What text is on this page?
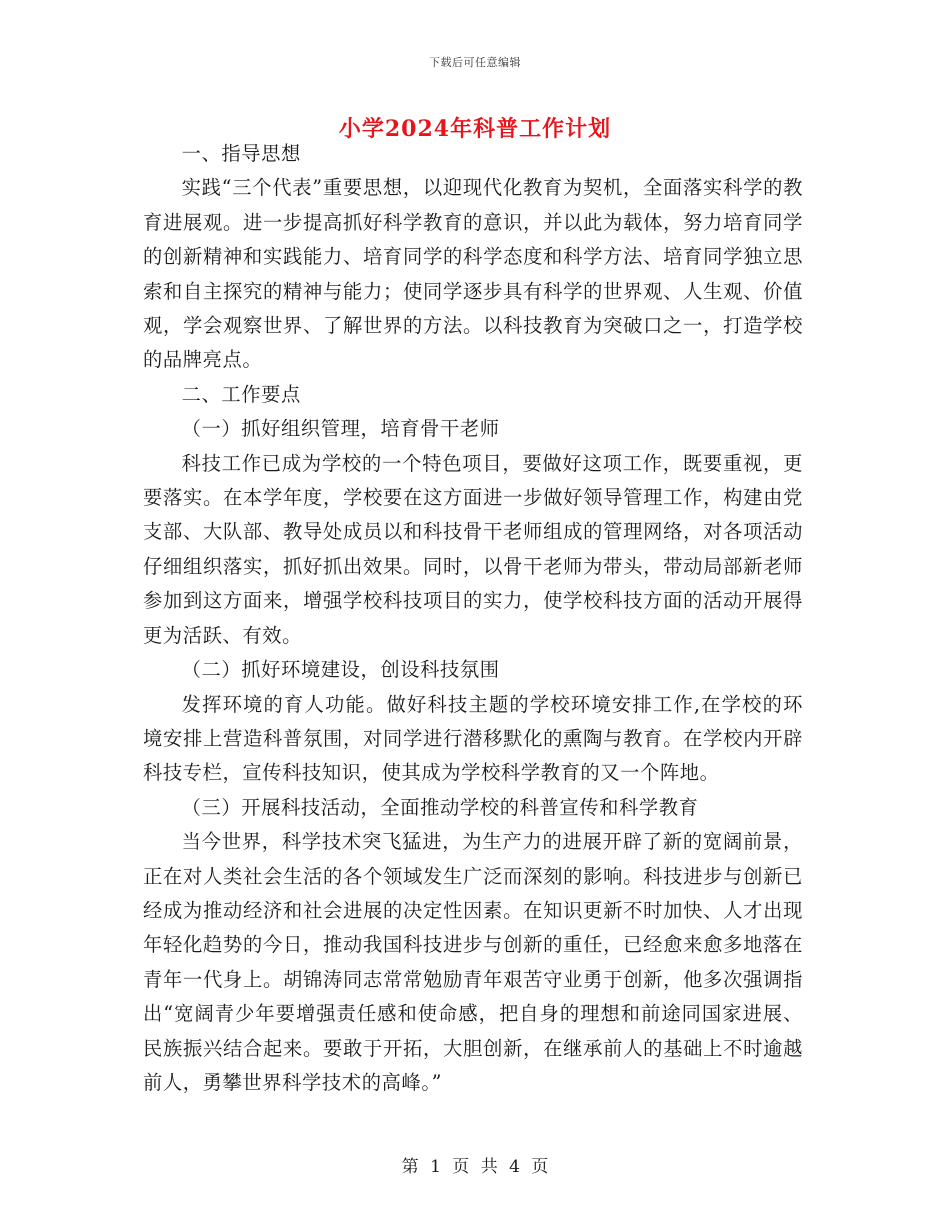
下载后可任意编辑
小学2024年科普工作计划

一、指导思想

实践“三个代表”重要思想，以迎现代化教育为契机，全面落实科学的教育进展观。进一步提高抓好科学教育的意识，并以此为载体，努力培育同学的创新精神和实践能力、培育同学的科学态度和科学方法、培育同学独立思索和自主探究的精神与能力；使同学逐步具有科学的世界观、人生观、价值观，学会观察世界、了解世界的方法。以科技教育为突破口之一，打造学校的品牌亮点。

二、工作要点

（一）抓好组织管理，培育骨干老师

科技工作已成为学校的一个特色项目，要做好这项工作，既要重视，更要落实。在本学年度，学校要在这方面进一步做好领导管理工作，构建由党支部、大队部、教导处成员以和科技骨干老师组成的管理网络，对各项活动仔细组织落实，抓好抓出效果。同时，以骨干老师为带头，带动局部新老师参加到这方面来，增强学校科技项目的实力，使学校科技方面的活动开展得更为活跃、有效。

（二）抓好环境建设，创设科技氛围

发挥环境的育人功能。做好科技主题的学校环境安排工作,在学校的环境安排上营造科普氛围，对同学进行潜移默化的熏陶与教育。在学校内开辟科技专栏，宣传科技知识，使其成为学校科学教育的又一个阵地。

（三）开展科技活动，全面推动学校的科普宣传和科学教育

当今世界，科学技术突飞猛进，为生产力的进展开辟了新的宽阔前景，正在对人类社会生活的各个领域发生广泛而深刻的影响。科技进步与创新已经成为推动经济和社会进展的决定性因素。在知识更新不时加快、人才出现年轻化趋势的今日，推动我国科技进步与创新的重任，已经愈来愈多地落在青年一代身上。胡锦涛同志常常勉励青年艰苦守业勇于创新，他多次强调指出“宽阔青少年要增强责任感和使命感，把自身的理想和前途同国家进展、民族振兴结合起来。要敢于开拓，大胆创新，在继承前人的基础上不时逾越前人，勇攀世界科学技术的高峰。”

第 1 页 共 4 页
